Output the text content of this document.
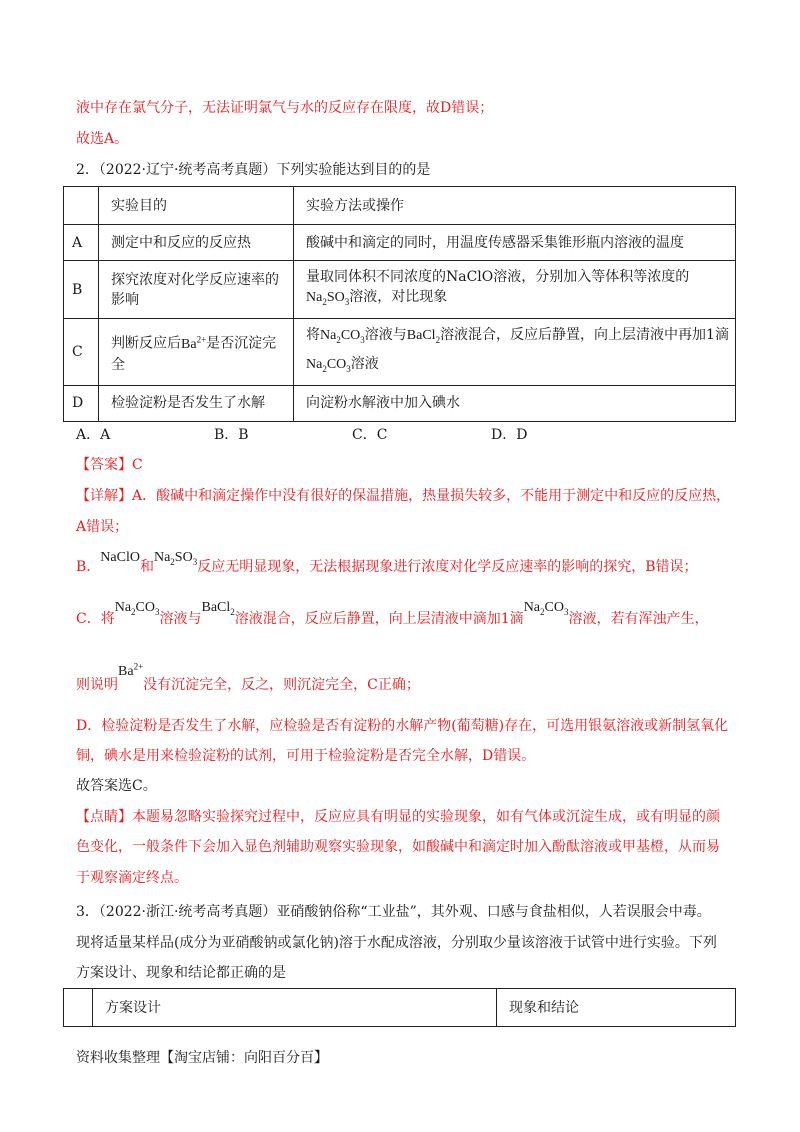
液中存在氯气分子，无法证明氯气与水的反应存在限度，故D错误；
故选A。
2．（2022·辽宁·统考高考真题）下列实验能达到目的的是
	实验目的	实验方法或操作
A	测定中和反应的反应热	酸碱中和滴定的同时，用温度传感器采集锥形瓶内溶液的温度
B	探究浓度对化学反应速率的影响	量取同体积不同浓度的NaClO溶液，分别加入等体积等浓度的$Na_2SO_3$溶液，对比现象
C	判断反应后$Ba^{2+}$是否沉淀完全	将$Na_2CO_3$溶液与BaCl$_2$溶液混合，反应后静置，向上层清液中再加1滴
$Na_2CO_3$溶液
D	检验淀粉是否发生了水解	向淀粉水解液中加入碘水
A．A	B．B	C．C	D．D
【答案】C
【详解】A．酸碱中和滴定操作中没有很好的保温措施，热量损失较多，不能用于测定中和反应的反应热，
A错误；
B．NaClO和$Na_2SO_3$反应无明显现象，无法根据现象进行浓度对化学反应速率的影响的探究，B错误；
C．将$Na_2CO_3$溶液与BaCl$_2$溶液混合，反应后静置，向上层清液中滴加1滴$Na_2CO_3$溶液，若有浑浊产生，
则说明$Ba^{2+}$没有沉淀完全，反之，则沉淀完全，C正确；
D．检验淀粉是否发生了水解，应检验是否有淀粉的水解产物(葡萄糖)存在，可选用银氨溶液或新制氢氧化
铜，碘水是用来检验淀粉的试剂，可用于检验淀粉是否完全水解，D错误。
故答案选C。
【点睛】本题易忽略实验探究过程中，反应应具有明显的实验现象，如有气体或沉淀生成，或有明显的颜
色变化，一般条件下会加入显色剂辅助观察实验现象，如酸碱中和滴定时加入酚酞溶液或甲基橙，从而易
于观察滴定终点。
3．（2022·浙江·统考高考真题）亚硝酸钠俗称“工业盐”，其外观、口感与食盐相似，人若误服会中毒。
现将适量某样品(成分为亚硝酸钠或氯化钠)溶于水配成溶液，分别取少量该溶液于试管中进行实验。下列
方案设计、现象和结论都正确的是
	方案设计	现象和结论
资料收集整理【淘宝店铺：向阳百分百】
